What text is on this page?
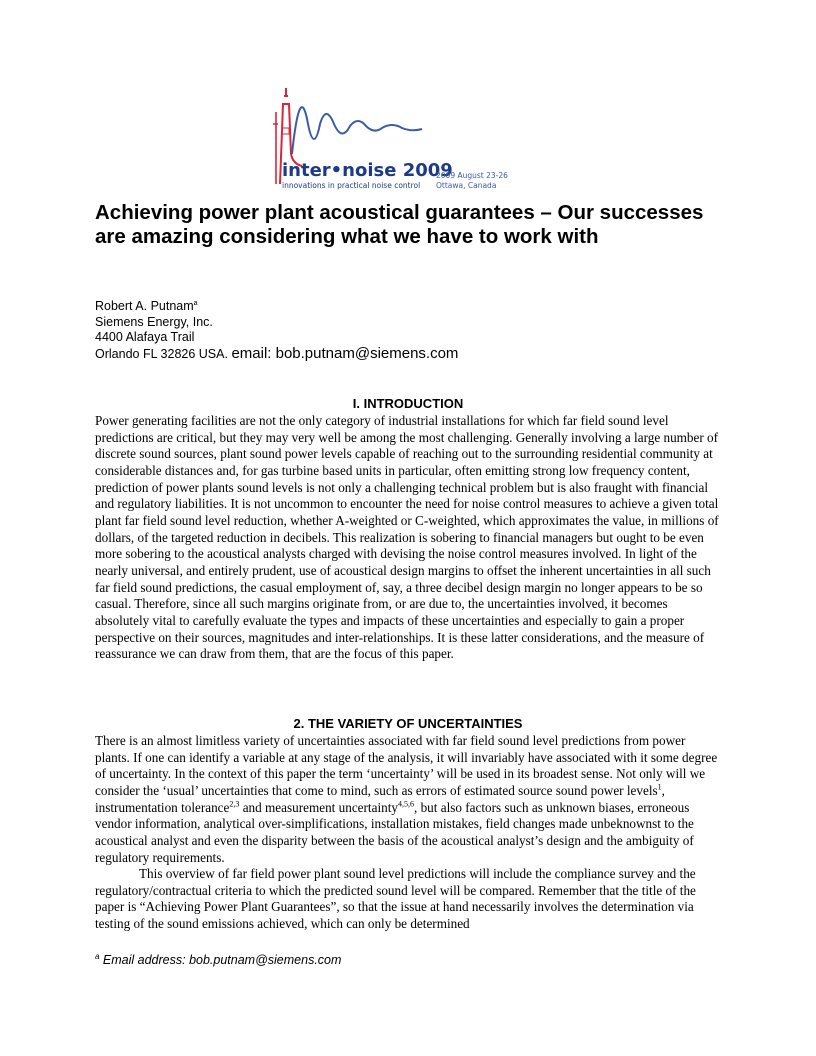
inter•noise 2009
innovations in practical noise control
2009 August 23-26
Ottawa, Canada
Achieving power plant acoustical guarantees – Our successes are amazing considering what we have to work with
Robert A. Putnam$^a$
Siemens Energy, Inc.
4400 Alafaya Trail
Orlando FL 32826 USA. email: bob.putnam@siemens.com
I. INTRODUCTION

Power generating facilities are not the only category of industrial installations for which far field sound level predictions are critical, but they may very well be among the most challenging. Generally involving a large number of discrete sound sources, plant sound power levels capable of reaching out to the surrounding residential community at considerable distances and, for gas turbine based units in particular, often emitting strong low frequency content, prediction of power plants sound levels is not only a challenging technical problem but is also fraught with financial and regulatory liabilities. It is not uncommon to encounter the need for noise control measures to achieve a given total plant far field sound level reduction, whether A-weighted or C-weighted, which approximates the value, in millions of dollars, of the targeted reduction in decibels. This realization is sobering to financial managers but ought to be even more sobering to the acoustical analysts charged with devising the noise control measures involved. In light of the nearly universal, and entirely prudent, use of acoustical design margins to offset the inherent uncertainties in all such far field sound predictions, the casual employment of, say, a three decibel design margin no longer appears to be so casual. Therefore, since all such margins originate from, or are due to, the uncertainties involved, it becomes absolutely vital to carefully evaluate the types and impacts of these uncertainties and especially to gain a proper perspective on their sources, magnitudes and inter-relationships. It is these latter considerations, and the measure of reassurance we can draw from them, that are the focus of this paper.

2. THE VARIETY OF UNCERTAINTIES

There is an almost limitless variety of uncertainties associated with far field sound level predictions from power plants. If one can identify a variable at any stage of the analysis, it will invariably have associated with it some degree of uncertainty. In the context of this paper the term ‘uncertainty’ will be used in its broadest sense. Not only will we consider the ‘usual’ uncertainties that come to mind, such as errors of estimated source sound power levels$^1$, instrumentation tolerance$^{2,3}$ and measurement uncertainty$^{4,5,6}$, but also factors such as unknown biases, erroneous vendor information, analytical over-simplifications, installation mistakes, field changes made unbeknownst to the acoustical analyst and even the disparity between the basis of the acoustical analyst’s design and the ambiguity of regulatory requirements.

This overview of far field power plant sound level predictions will include the compliance survey and the regulatory/contractual criteria to which the predicted sound level will be compared. Remember that the title of the paper is “Achieving Power Plant Guarantees”, so that the issue at hand necessarily involves the determination via testing of the sound emissions achieved, which can only be determined

$^a$ Email address: bob.putnam@siemens.com
